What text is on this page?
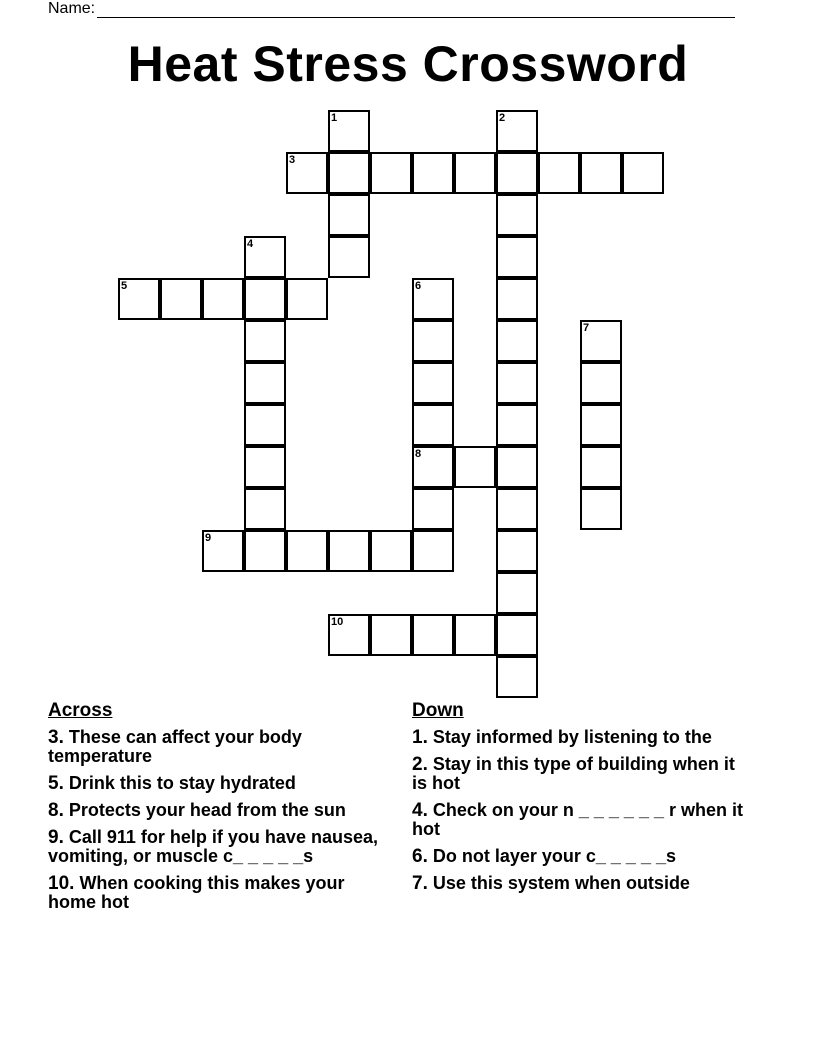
Name:
Heat Stress Crossword
1	2
3
4
5	6
8
7
9
10
Across
3. These can affect your body temperature
5. Drink this to stay hydrated
8. Protects your head from the sun
9. Call 911 for help if you have nausea, vomiting, or muscle c_ _ _ _ _s
10. When cooking this makes your home hot
Down
1. Stay informed by listening to the
2. Stay in this type of building when it is hot
4. Check on your n _ _ _ _ _ _ r when it hot
6. Do not layer your c_ _ _ _ _s
7. Use this system when outside
